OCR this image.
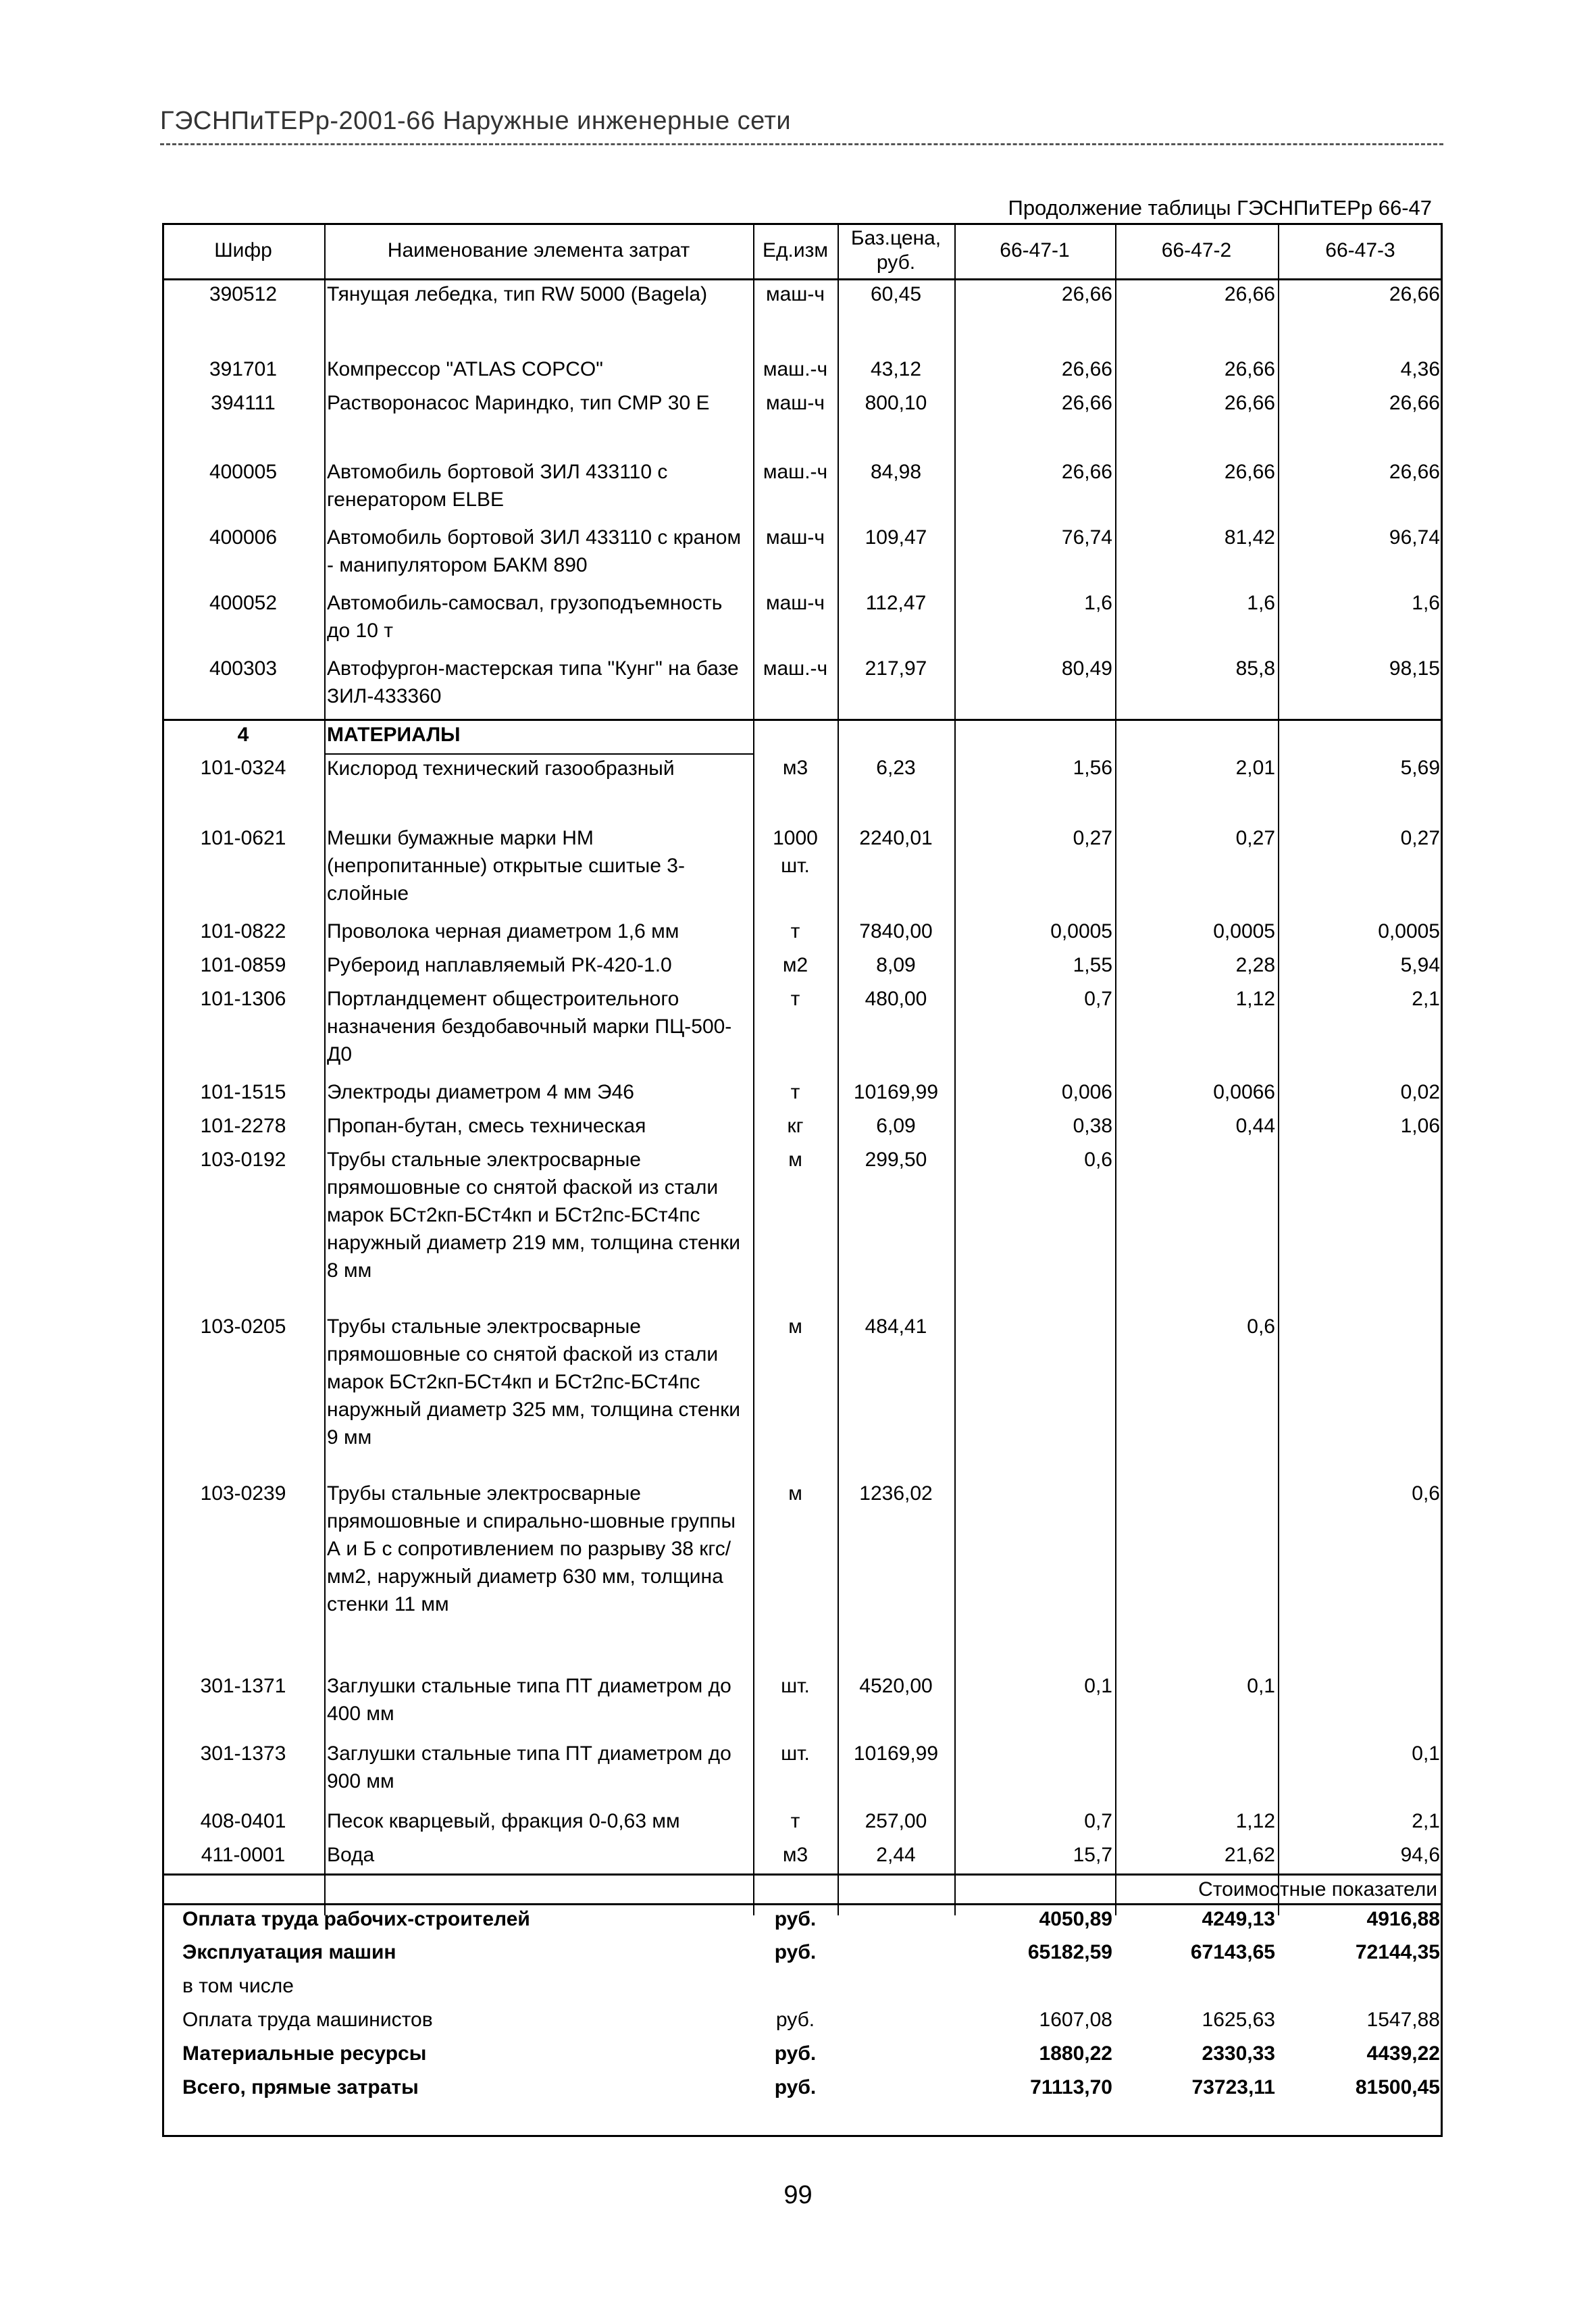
ГЭСНПиТЕРр-2001-66 Наружные инженерные сети
Продолжение таблицы ГЭСНПиТЕРр 66-47
Шифр	Наименование элемента затрат	Ед.изм	Баз.цена, руб.	66-47-1	66-47-2	66-47-3
390512	Тянущая лебедка, тип RW 5000 (Bagela)	маш-ч	60,45	26,66	26,66	26,66

391701	Компрессор "ATLAS COPCO"	маш.-ч	43,12	26,66	26,66	4,36
394111	Растворонасос Мариндко, тип СМР 30 Е	маш-ч	800,10	26,66	26,66	26,66

400005	Автомобиль бортовой ЗИЛ 433110 с генератором ELBE	маш.-ч	84,98	26,66	26,66	26,66
400006	Автомобиль бортовой ЗИЛ 433110 с краном - манипулятором БАКМ 890	маш-ч	109,47	76,74	81,42	96,74
400052	Автомобиль-самосвал, грузоподъемность до 10 т	маш-ч	112,47	1,6	1,6	1,6
400303	Автофургон-мастерская типа "Кунг" на базе ЗИЛ-433360	маш.-ч	217,97	80,49	85,8	98,15
4	МАТЕРИАЛЫ					
101-0324	Кислород технический газообразный	м3	6,23	1,56	2,01	5,69

101-0621	Мешки бумажные марки НМ (непропитанные) открытые сшитые 3-слойные	1000 шт.	2240,01	0,27	0,27	0,27
101-0822	Проволока черная диаметром 1,6 мм	т	7840,00	0,0005	0,0005	0,0005
101-0859	Рубероид наплавляемый РК-420-1.0	м2	8,09	1,55	2,28	5,94
101-1306	Портландцемент общестроительного назначения бездобавочный марки ПЦ-500-Д0	т	480,00	0,7	1,12	2,1
101-1515	Электроды диаметром 4 мм Э46	т	10169,99	0,006	0,0066	0,02
101-2278	Пропан-бутан, смесь техническая	кг	6,09	0,38	0,44	1,06
103-0192	Трубы стальные электросварные прямошовные со снятой фаской из стали марок БСт2кп-БСт4кп и БСт2пс-БСт4пс наружный диаметр 219 мм, толщина стенки 8 мм	м	299,50	0,6		
103-0205	Трубы стальные электросварные прямошовные со снятой фаской из стали марок БСт2кп-БСт4кп и БСт2пс-БСт4пс наружный диаметр 325 мм, толщина стенки 9 мм	м	484,41		0,6	
103-0239	Трубы стальные электросварные прямошовные и спирально-шовные группы А и Б с сопротивлением по разрыву 38 кгс/мм2, наружный диаметр 630 мм, толщина стенки 11 мм	м	1236,02			0,6
301-1371	Заглушки стальные типа ПТ диаметром до 400 мм	шт.	4520,00	0,1	0,1	
301-1373	Заглушки стальные типа ПТ диаметром до 900 мм	шт.	10169,99			0,1
408-0401	Песок кварцевый, фракция 0-0,63 мм	т	257,00	0,7	1,12	2,1
411-0001	Вода	м3	2,44	15,7	21,62	94,6
Стоимостные показатели						
Оплата труда рабочих-строителей		руб.		4050,89	4249,13	4916,88
Эксплуатация машин		руб.		65182,59	67143,65	72144,35
в том числе						
Оплата труда машинистов		руб.		1607,08	1625,63	1547,88
Материальные ресурсы		руб.		1880,22	2330,33	4439,22
Всего, прямые затраты		руб.		71113,70	73723,11	81500,45
99
